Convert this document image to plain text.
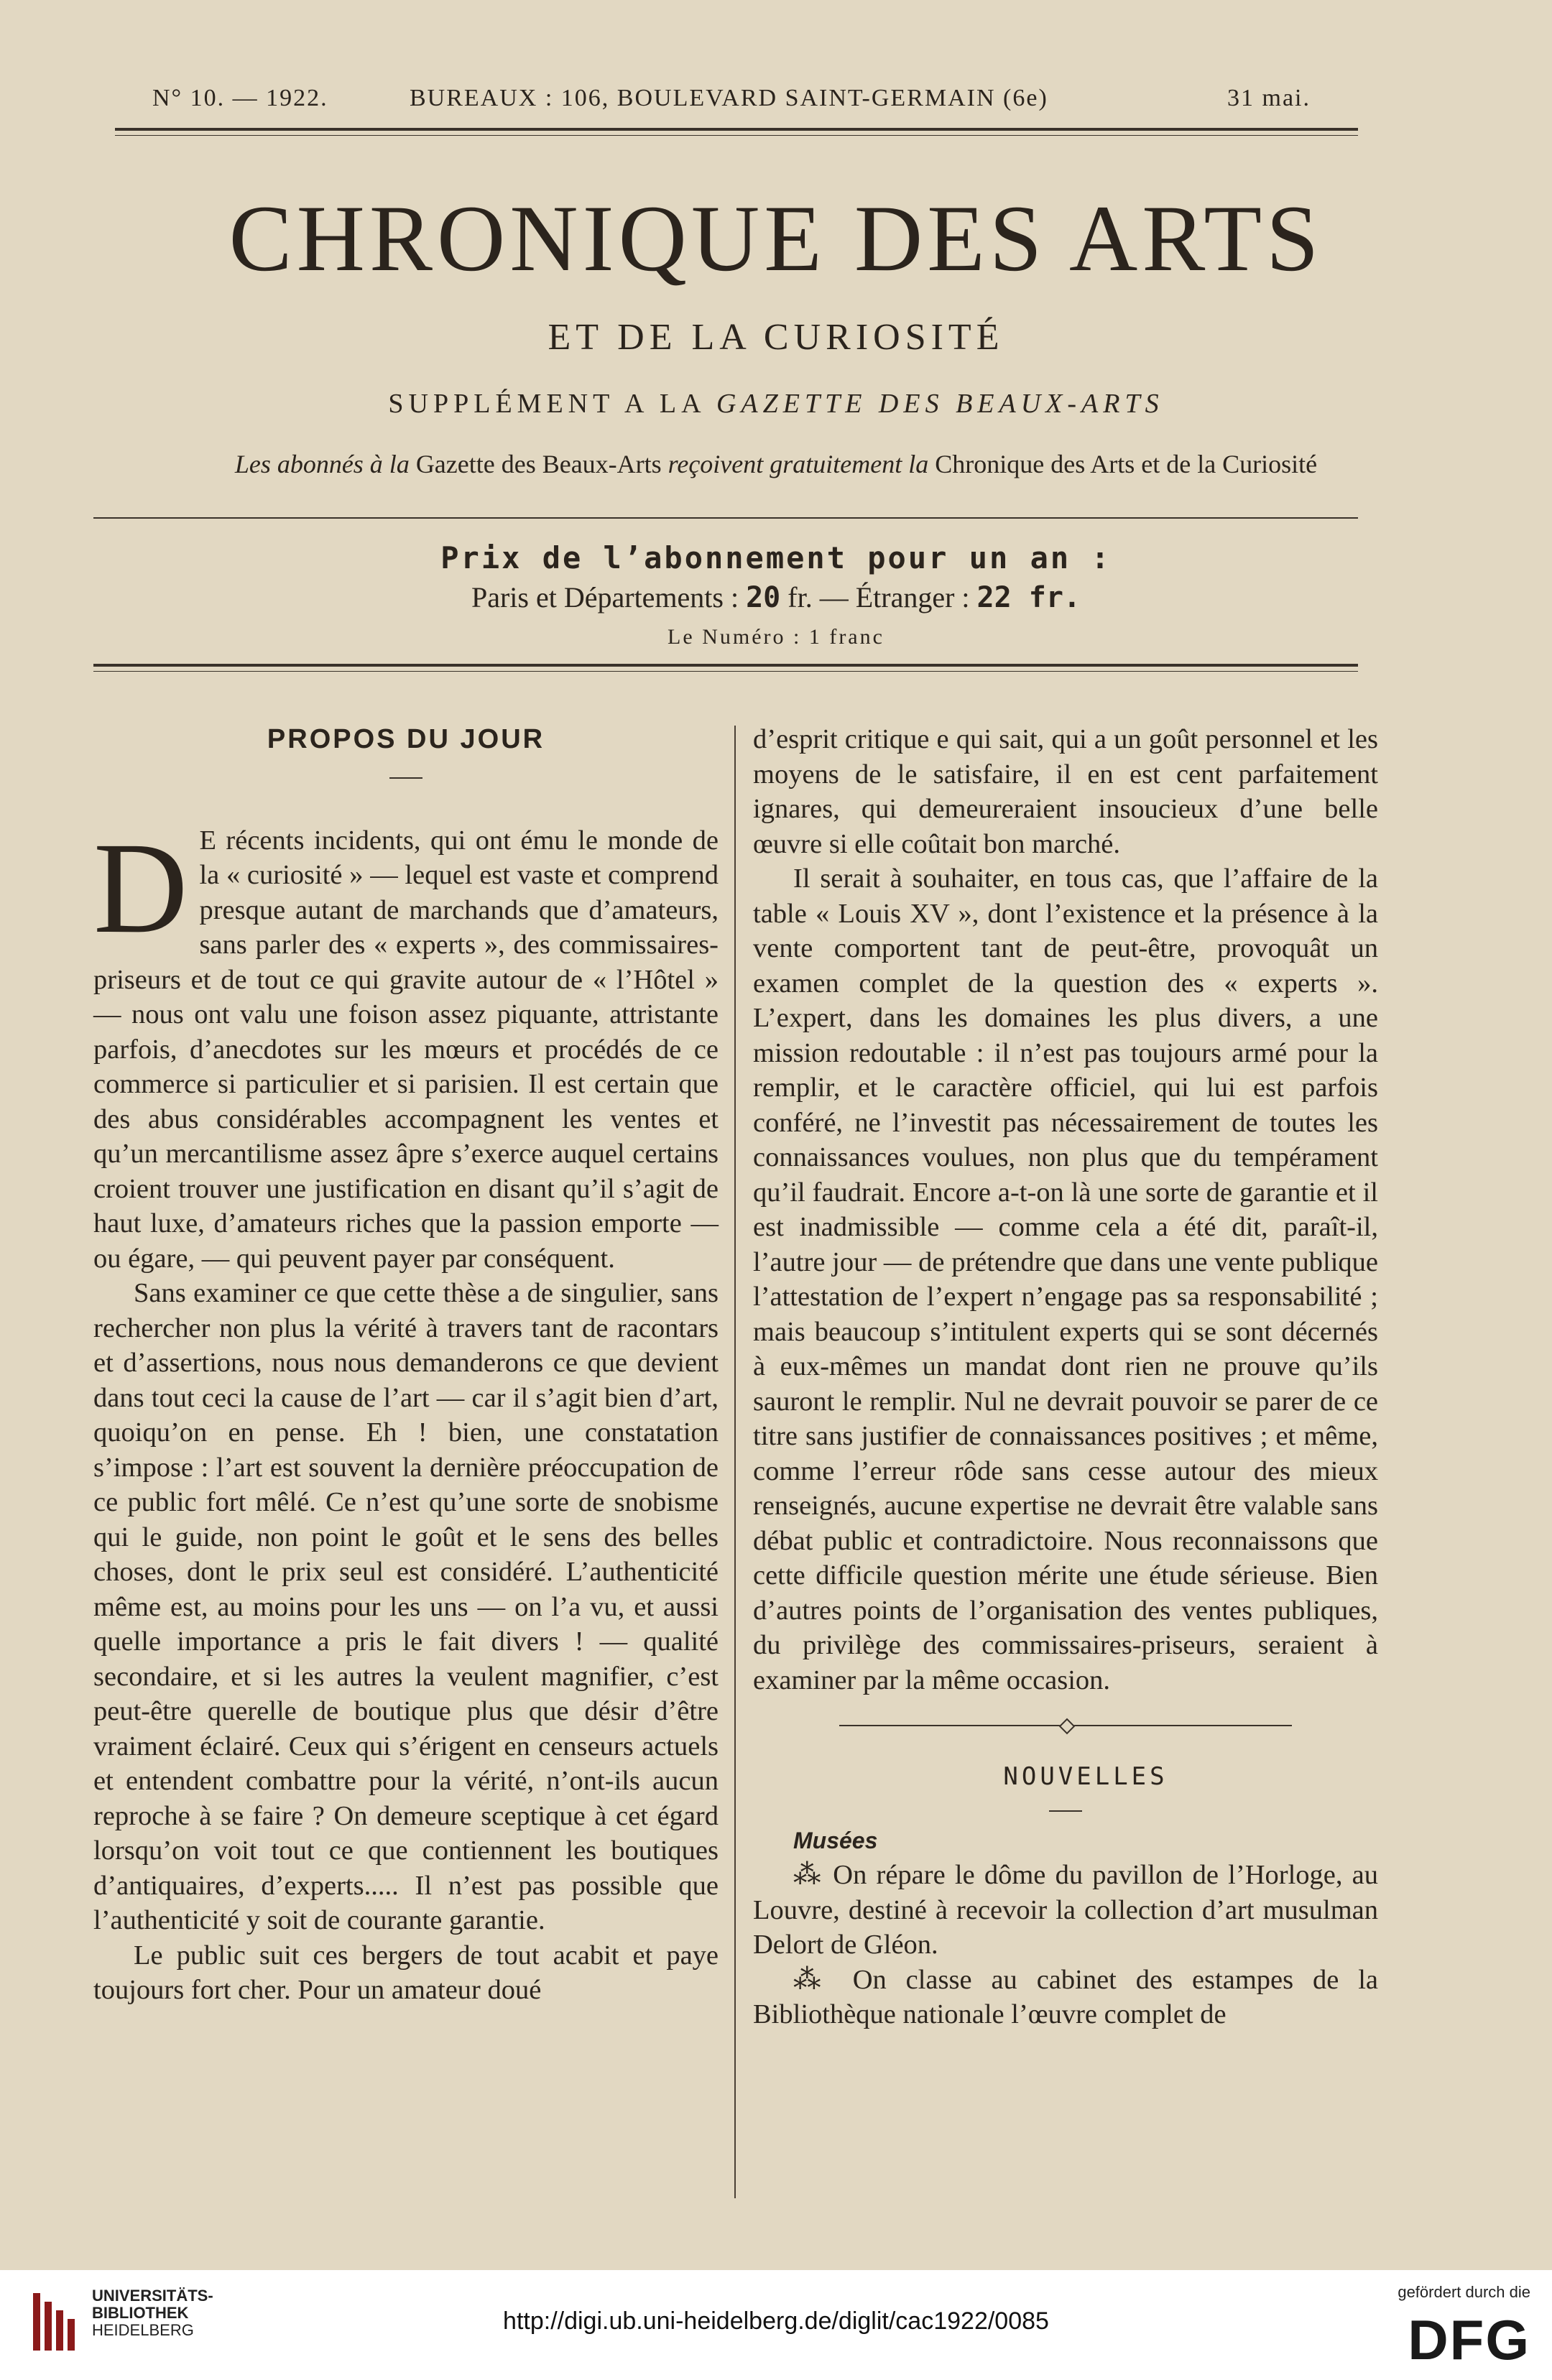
N° 10. — 1922.	BUREAUX : 106, BOULEVARD SAINT-GERMAIN (6e)	31 mai.
CHRONIQUE DES ARTS
ET DE LA CURIOSITÉ
SUPPLÉMENT A LA GAZETTE DES BEAUX-ARTS
Les abonnés à la Gazette des Beaux-Arts reçoivent gratuitement la Chronique des Arts et de la Curiosité
Prix de l’abonnement pour un an :
Paris et Départements : 20 fr. — Étranger : 22 fr.
Le Numéro : 1 franc

PROPOS DU JOUR

D E récents incidents, qui ont ému le monde de la « curiosité » — lequel est vaste et comprend presque autant de marchands que d’amateurs, sans parler des « experts », des commissaires-priseurs et de tout ce qui gravite autour de « l’Hôtel » — nous ont valu une foison assez piquante, attristante parfois, d’anecdotes sur les mœurs et procédés de ce commerce si particulier et si parisien. Il est certain que des abus considérables accompagnent les ventes et qu’un mercantilisme assez âpre s’exerce auquel certains croient trouver une justification en disant qu’il s’agit de haut luxe, d’amateurs riches que la passion emporte — ou égare, — qui peuvent payer par conséquent.

Sans examiner ce que cette thèse a de singulier, sans rechercher non plus la vérité à travers tant de racontars et d’assertions, nous nous demanderons ce que devient dans tout ceci la cause de l’art — car il s’agit bien d’art, quoiqu’on en pense. Eh ! bien, une constatation s’impose : l’art est souvent la dernière préoccupation de ce public fort mêlé. Ce n’est qu’une sorte de snobisme qui le guide, non point le goût et le sens des belles choses, dont le prix seul est considéré. L’authenticité même est, au moins pour les uns — on l’a vu, et aussi quelle importance a pris le fait divers ! — qualité secondaire, et si les autres la veulent magnifier, c’est peut-être querelle de boutique plus que désir d’être vraiment éclairé. Ceux qui s’érigent en censeurs actuels et entendent combattre pour la vérité, n’ont-ils aucun reproche à se faire ? On demeure sceptique à cet égard lorsqu’on voit tout ce que contiennent les boutiques d’antiquaires, d’experts..... Il n’est pas possible que l’authenticité y soit de courante garantie.

Le public suit ces bergers de tout acabit et paye toujours fort cher. Pour un amateur doué

d’esprit critique e qui sait, qui a un goût personnel et les moyens de le satisfaire, il en est cent parfaitement ignares, qui demeureraient insoucieux d’une belle œuvre si elle coûtait bon marché.

Il serait à souhaiter, en tous cas, que l’affaire de la table « Louis XV », dont l’existence et la présence à la vente comportent tant de peut-être, provoquât un examen complet de la question des « experts ». L’expert, dans les domaines les plus divers, a une mission redoutable : il n’est pas toujours armé pour la remplir, et le caractère officiel, qui lui est parfois conféré, ne l’investit pas nécessairement de toutes les connaissances voulues, non plus que du tempérament qu’il faudrait. Encore a-t-on là une sorte de garantie et il est inadmissible — comme cela a été dit, paraît-il, l’autre jour — de prétendre que dans une vente publique l’attestation de l’expert n’engage pas sa responsabilité ; mais beaucoup s’intitulent experts qui se sont décernés à eux-mêmes un mandat dont rien ne prouve qu’ils sauront le remplir. Nul ne devrait pouvoir se parer de ce titre sans justifier de connaissances positives ; et même, comme l’erreur rôde sans cesse autour des mieux renseignés, aucune expertise ne devrait être valable sans débat public et contradictoire. Nous reconnaissons que cette difficile question mérite une étude sérieuse. Bien d’autres points de l’organisation des ventes publiques, du privilège des commissaires-priseurs, seraient à examiner par la même occasion.

NOUVELLES

Musées

⁂ On répare le dôme du pavillon de l’Horloge, au Louvre, destiné à recevoir la collection d’art musulman Delort de Gléon.

⁂ On classe au cabinet des estampes de la Bibliothèque nationale l’œuvre complet de

UNIVERSITÄTS-
BIBLIOTHEK
HEIDELBERG	http://digi.ub.uni-heidelberg.de/diglit/cac1922/0085
gefördert durch die
DFG
